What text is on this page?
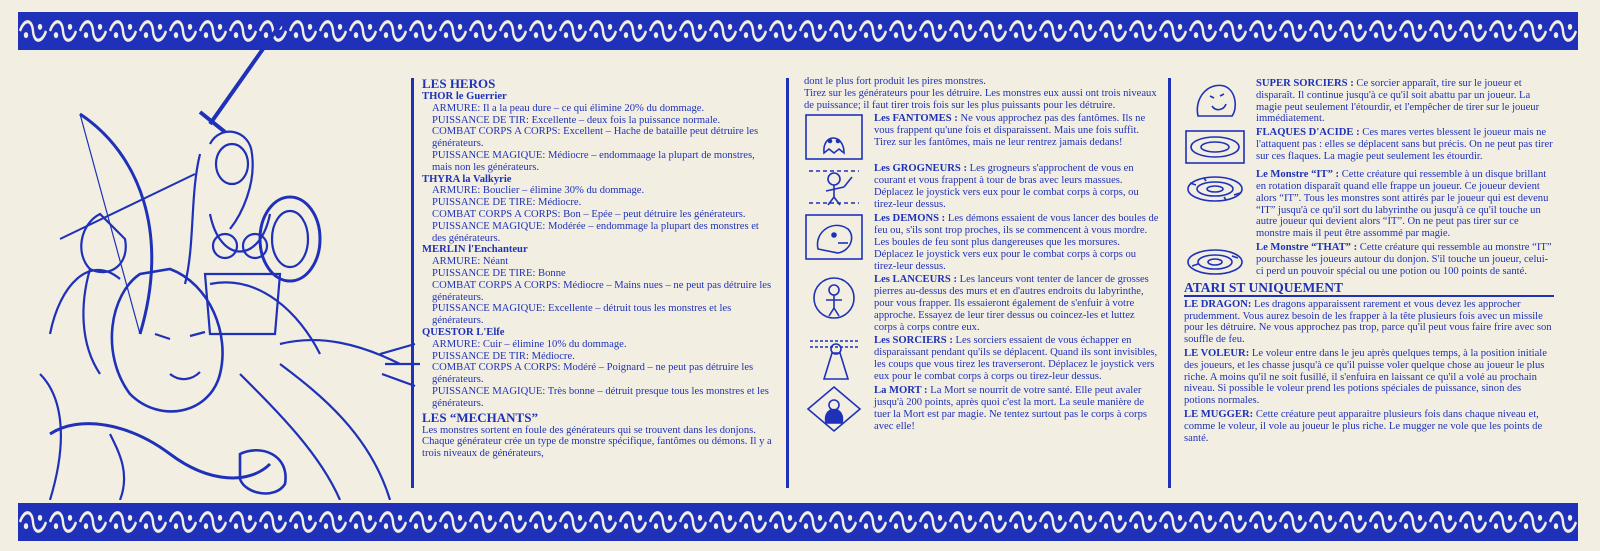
LES HEROS

THOR le Guerrier

ARMURE: Il a la peau dure – ce qui élimine 20% du dommage.

PUISSANCE DE TIR: Excellente – deux fois la puissance normale.

COMBAT CORPS A CORPS: Excellent – Hache de bataille peut détruire les générateurs.

PUISSANCE MAGIQUE: Médiocre – endommaage la plupart de monstres, mais non les générateurs.

THYRA la Valkyrie

ARMURE: Bouclier – élimine 30% du dommage.

PUISSANCE DE TIRE: Médiocre.

COMBAT CORPS A CORPS: Bon – Epée – peut détruire les générateurs.

PUISSANCE MAGIQUE: Modérée – endommage la plupart des monstres et des générateurs.

MERLIN l'Enchanteur

ARMURE: Néant

PUISSANCE DE TIRE: Bonne

COMBAT CORPS A CORPS: Médiocre – Mains nues – ne peut pas détruire les générateurs.

PUISSANCE MAGIQUE: Excellente – détruit tous les monstres et les générateurs.

QUESTOR L'Elfe

ARMURE: Cuir – élimine 10% du dommage.

PUISSANCE DE TIR: Médiocre.

COMBAT CORPS A CORPS: Modéré – Poignard – ne peut pas détruire les générateurs.

PUISSANCE MAGIQUE: Très bonne – détruit presque tous les monstres et les générateurs.

LES “MECHANTS”

Les monstres sortent en foule des générateurs qui se trouvent dans les donjons. Chaque générateur crée un type de monstre spécifique, fantômes ou démons. Il y a trois niveaux de générateurs,

dont le plus fort produit les pires monstres.

Tirez sur les générateurs pour les détruire. Les monstres eux aussi ont trois niveaux de puissance; il faut tirer trois fois sur les plus puissants pour les détruire.

Les FANTOMES : Ne vous approchez pas des fantômes. Ils ne vous frappent qu'une fois et disparaissent. Mais une fois suffit. Tirez sur les fantômes, mais ne leur rentrez jamais dedans!
Les GROGNEURS : Les grogneurs s'approchent de vous en courant et vous frappent à tour de bras avec leurs massues. Déplacez le joystick vers eux pour le combat corps à corps, ou tirez-leur dessus.
Les DEMONS : Les démons essaient de vous lancer des boules de feu ou, s'ils sont trop proches, ils se commencent à vous mordre. Les boules de feu sont plus dangereuses que les morsures. Déplacez le joystick vers eux pour le combat corps à corps ou tirez-leur dessus.
Les LANCEURS : Les lanceurs vont tenter de lancer de grosses pierres au-dessus des murs et en d'autres endroits du labyrinthe, pour vous frapper. Ils essaieront également de s'enfuir à votre approche. Essayez de leur tirer dessus ou coincez-les et luttez corps à corps contre eux.
Les SORCIERS : Les sorciers essaient de vous échapper en disparaissant pendant qu'ils se déplacent. Quand ils sont invisibles, les coups que vous tirez les traverseront. Déplacez le joystick vers eux pour le combat corps à corps ou tirez-leur dessus.
La MORT : La Mort se nourrit de votre santé. Elle peut avaler jusqu'à 200 points, après quoi c'est la mort. La seule manière de tuer la Mort est par magie. Ne tentez surtout pas le corps à corps avec elle!
SUPER SORCIERS : Ce sorcier apparaît, tire sur le joueur et disparaît. Il continue jusqu'à ce qu'il soit abattu par un joueur. La magie peut seulement l'étourdir, et l'empêcher de tirer sur le joueur immédiatement.
FLAQUES D'ACIDE : Ces mares vertes blessent le joueur mais ne l'attaquent pas : elles se déplacent sans but précis. On ne peut pas tirer sur ces flaques. La magie peut seulement les étourdir.
Le Monstre “IT” : Cette créature qui ressemble à un disque brillant en rotation disparaît quand elle frappe un joueur. Ce joueur devient alors “IT”. Tous les monstres sont attirés par le joueur qui est devenu “IT” jusqu'à ce qu'il sort du labyrinthe ou jusqu'à ce qu'il touche un autre joueur qui devient alors “IT”. On ne peut pas tirer sur ce monstre mais il peut être assommé par magie.
Le Monstre “THAT” : Cette créature qui ressemble au monstre “IT” pourchasse les joueurs autour du donjon. S'il touche un joueur, celui-ci perd un pouvoir spécial ou une potion ou 100 points de santé.

ATARI ST UNIQUEMENT

LE DRAGON: Les dragons apparaissent rarement et vous devez les approcher prudemment. Vous aurez besoin de les frapper à la tête plusieurs fois avec un missile pour les détruire. Ne vous approchez pas trop, parce qu'il peut vous faire frire avec son souffle de feu.

LE VOLEUR: Le voleur entre dans le jeu après quelques temps, à la position initiale des joueurs, et les chasse jusqu'à ce qu'il puisse voler quelque chose au joueur le plus riche. A moins qu'il ne soit fusillé, il s'enfuira en laissant ce qu'il a volé au prochain niveau. Si possible le voleur prend les potions spéciales de puissance, sinon des potions normales.

LE MUGGER: Cette créature peut apparaitre plusieurs fois dans chaque niveau et, comme le voleur, il vole au joueur le plus riche. Le mugger ne vole que les points de santé.
